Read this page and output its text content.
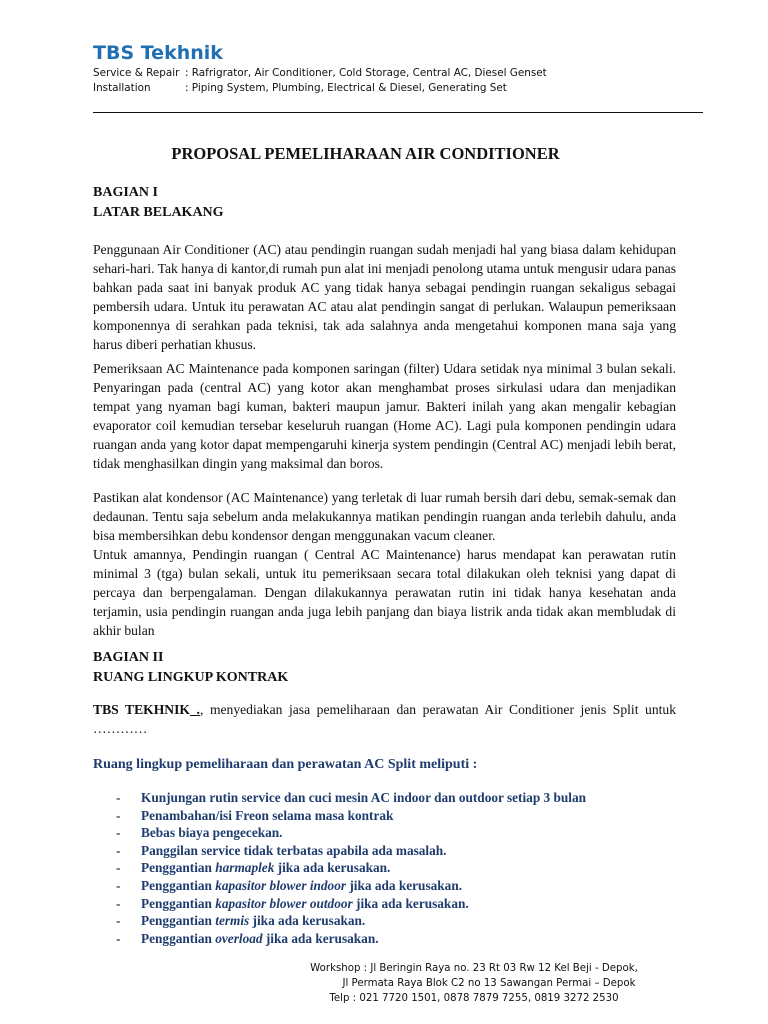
TBS Tekhnik
Service & Repair : Rafrigrator, Air Conditioner, Cold Storage, Central AC, Diesel Genset
Installation	: Piping System, Plumbing, Electrical & Diesel, Generating Set
PROPOSAL PEMELIHARAAN AIR CONDITIONER
BAGIAN I
LATAR BELAKANG
Penggunaan Air Conditioner (AC) atau pendingin ruangan sudah menjadi hal yang biasa dalam kehidupan sehari-hari. Tak hanya di kantor,di rumah pun alat ini menjadi penolong utama untuk mengusir udara panas bahkan pada saat ini banyak produk AC yang tidak hanya sebagai pendingin ruangan sekaligus sebagai pembersih udara. Untuk itu perawatan AC atau alat pendingin sangat di perlukan. Walaupun pemeriksaan komponennya di serahkan pada teknisi, tak ada salahnya anda mengetahui komponen mana saja yang harus diberi perhatian khusus.
Pemeriksaan AC Maintenance pada komponen saringan (filter) Udara setidak nya minimal 3 bulan sekali. Penyaringan pada (central AC) yang kotor akan menghambat proses sirkulasi udara dan menjadikan tempat yang nyaman bagi kuman, bakteri maupun jamur. Bakteri inilah yang akan mengalir kebagian evaporator coil kemudian tersebar keseluruh ruangan (Home AC). Lagi pula komponen pendingin udara ruangan anda yang kotor dapat mempengaruhi kinerja system pendingin (Central AC) menjadi lebih berat, tidak menghasilkan dingin yang maksimal dan boros.
Pastikan alat kondensor (AC Maintenance) yang terletak di luar rumah bersih dari debu, semak-semak dan dedaunan. Tentu saja sebelum anda melakukannya matikan pendingin ruangan anda terlebih dahulu, anda bisa membersihkan debu kondensor dengan menggunakan vacum cleaner.
Untuk amannya, Pendingin ruangan ( Central AC Maintenance) harus mendapat kan perawatan rutin minimal 3 (tga) bulan sekali, untuk itu pemeriksaan secara total dilakukan oleh teknisi yang dapat di percaya dan berpengalaman. Dengan dilakukannya perawatan rutin ini tidak hanya kesehatan anda terjamin, usia pendingin ruangan anda juga lebih panjang dan biaya listrik anda tidak akan membludak di akhir bulan
BAGIAN II
RUANG LINGKUP KONTRAK
TBS TEKHNIK ., menyediakan jasa pemeliharaan dan perawatan Air Conditioner jenis Split untuk …………
Ruang lingkup pemeliharaan dan perawatan AC Split meliputi :
-	Kunjungan rutin service dan cuci mesin AC indoor dan outdoor setiap 3 bulan
-	Penambahan/isi Freon selama masa kontrak
-	Bebas biaya pengecekan.
-	Panggilan service tidak terbatas apabila ada masalah.
-	Penggantian harmaplek jika ada kerusakan.
-	Penggantian kapasitor blower indoor jika ada kerusakan.
-	Penggantian kapasitor blower outdoor jika ada kerusakan.
-	Penggantian termis jika ada kerusakan.
-	Penggantian overload jika ada kerusakan.
Workshop : Jl Beringin Raya no. 23 Rt 03 Rw 12 Kel Beji - Depok,
Jl Permata Raya Blok C2 no 13 Sawangan Permai – Depok
Telp : 021 7720 1501, 0878 7879 7255, 0819 3272 2530
